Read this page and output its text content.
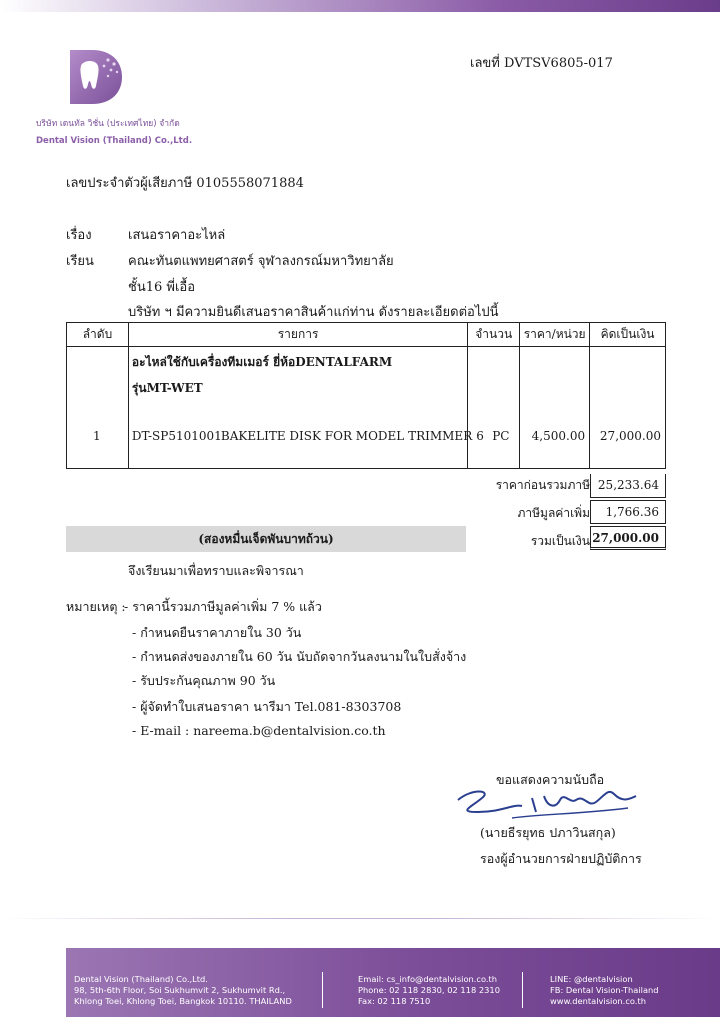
เลขที่ DVTSV6805-017
บริษัท เดนทัล วิชั่น (ประเทศไทย) จำกัด
Dental Vision (Thailand) Co.,Ltd.
เลขประจำตัวผู้เสียภาษี 0105558071884
เรื่อง	เสนอราคาอะไหล่
เรียน	คณะทันตแพทยศาสตร์ จุฬาลงกรณ์มหาวิทยาลัย
ชั้น16 พี่เอื้อ
บริษัท ฯ มีความยินดีเสนอราคาสินค้าแก่ท่าน ดังรายละเอียดต่อไปนี้
ลำดับ	รายการ	จำนวน	ราคา/หน่วย	คิดเป็นเงิน

1	อะไหล่ใช้กับเครื่องทีมเมอร์ ยี่ห้อDENTALFARM
รุ่นMT-WET
DT-SP5101001 BAKELITE DISK FOR MODEL TRIMMER	6 PC	4,500.00	27,000.00
ราคาก่อนรวมภาษี 25,233.64
ภาษีมูลค่าเพิ่ม	1,766.36
(สองหมื่นเจ็ดพันบาทถ้วน)	รวมเป็นเงิน 27,000.00
จึงเรียนมาเพื่อทราบและพิจารณา
หมายเหตุ :
- ราคานี้รวมภาษีมูลค่าเพิ่ม 7 % แล้ว
- กำหนดยืนราคาภายใน 30 วัน
- กำหนดส่งของภายใน 60 วัน นับถัดจากวันลงนามในใบสั่งจ้าง
- รับประกันคุณภาพ 90 วัน
- ผู้จัดทำใบเสนอราคา นารีมา Tel.081-8303708
- E-mail : nareema.b@dentalvision.co.th
ขอแสดงความนับถือ
(นายธีรยุทธ ปภาวินสกุล)
รองผู้อำนวยการฝ่ายปฏิบัติการ
Dental Vision (Thailand) Co.,Ltd.
98, 5th-6th Floor, Soi Sukhumvit 2, Sukhumvit Rd.,
Khlong Toei, Khlong Toei, Bangkok 10110. THAILAND
Email: cs_info@dentalvision.co.th
Phone: 02 118 2830, 02 118 2310
Fax: 02 118 7510
LINE: @dentalvision
FB: Dental Vision-Thailand
www.dentalvision.co.th
